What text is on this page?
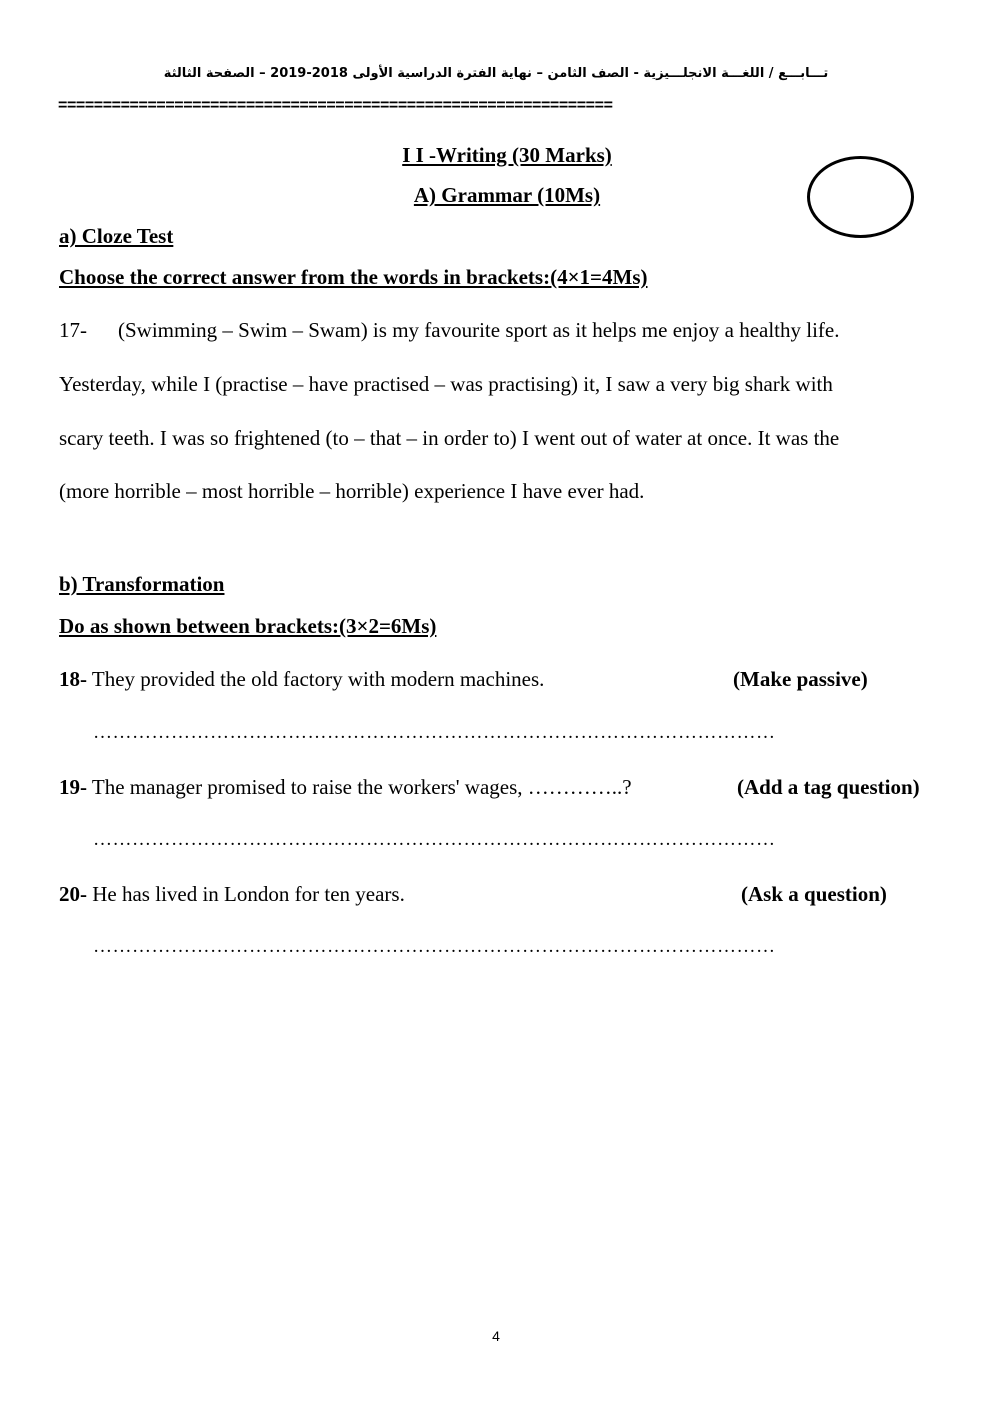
تـــابـــع / اللغـــة الانجلـــيزية - الصف الثامن – نهاية الفترة الدراسية الأولى 2018-2019 – الصفحة الثالثة
==============================================================
I I -Writing (30 Marks)
A) Grammar (10Ms)
a) Cloze Test
Choose the correct answer from the words in brackets:(4×1=4Ms)
17- (Swimming – Swim – Swam) is my favourite sport as it helps me enjoy a healthy life.
Yesterday, while I (practise – have practised – was practising) it, I saw a very big shark with
scary teeth. I was so frightened (to – that – in order to) I went out of water at once. It was the
(more horrible – most horrible – horrible) experience I have ever had.
b) Transformation
Do as shown between brackets:(3×2=6Ms)
18- They provided the old factory with modern machines.	(Make passive)
……………………………………………………………………………………………
19- The manager promised to raise the workers' wages, …………..?	(Add a tag question)
……………………………………………………………………………………………
20- He has lived in London for ten years.	(Ask a question)
……………………………………………………………………………………………
4
